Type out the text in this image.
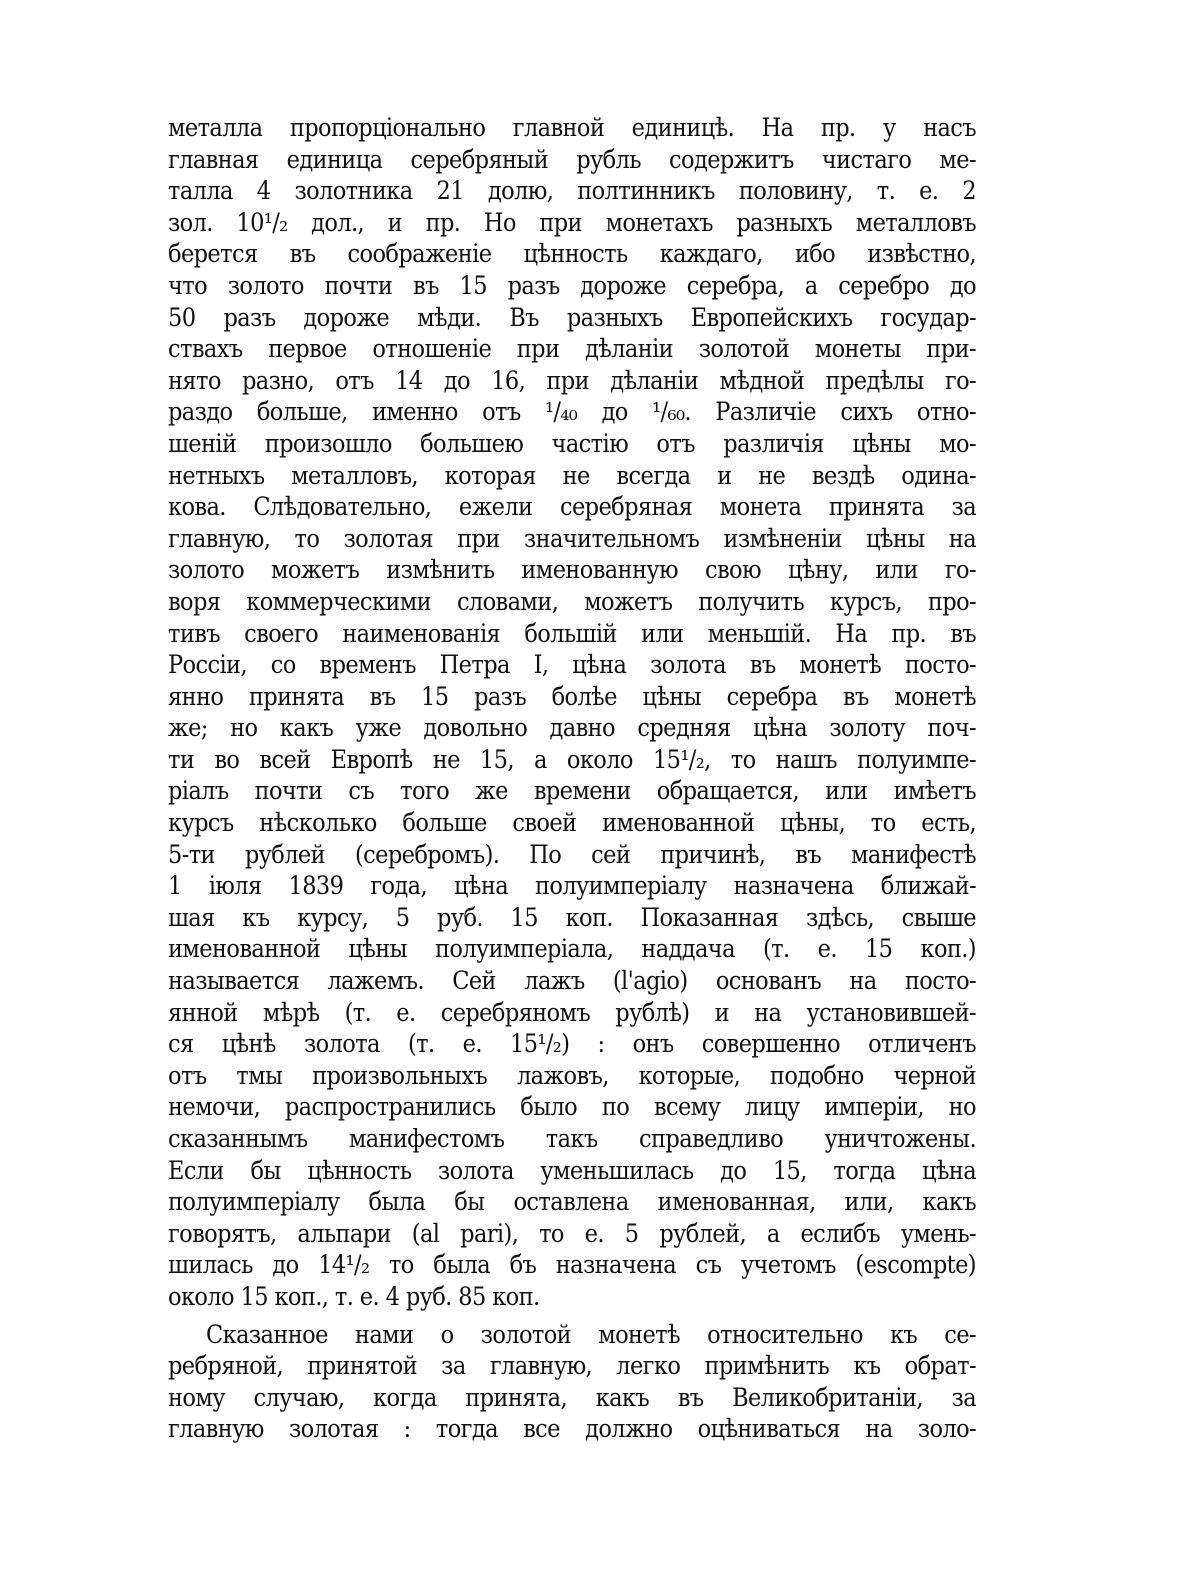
металла пропорціонально главной единицѣ. На пр. у насъ
главная единица серебряный рубль содержитъ чистаго ме-
талла 4 золотника 21 долю, полтинникъ половину, т. е. 2
зол. 10¹/₂ дол., и пр. Но при монетахъ разныхъ металловъ
берется въ соображеніе цѣнность каждаго, ибо извѣстно,
что золото почти въ 15 разъ дороже серебра, а серебро до
50 разъ дороже мѣди. Въ разныхъ Европейскихъ государ-
ствахъ первое отношеніе при дѣланіи золотой монеты при-
нято разно, отъ 14 до 16, при дѣланіи мѣдной предѣлы го-
раздо больше, именно отъ ¹/₄₀ до ¹/₆₀. Различіе сихъ отно-
шеній произошло большею частію отъ различія цѣны мо-
нетныхъ металловъ, которая не всегда и не вездѣ одина-
кова. Слѣдовательно, ежели серебряная монета принята за
главную, то золотая при значительномъ измѣненіи цѣны на
золото можетъ измѣнить именованную свою цѣну, или го-
воря коммерческими словами, можетъ получить курсъ, про-
тивъ своего наименованія большій или меньшій. На пр. въ
Россіи, со временъ Петра I, цѣна золота въ монетѣ посто-
янно принята въ 15 разъ болѣе цѣны серебра въ монетѣ
же; но какъ уже довольно давно средняя цѣна золоту поч-
ти во всей Европѣ не 15, а около 15¹/₂, то нашъ полуимпе-
ріалъ почти съ того же времени обращается, или имѣетъ
курсъ нѣсколько больше своей именованной цѣны, то есть,
5-ти рублей (серебромъ). По сей причинѣ, въ манифестѣ
1 іюля 1839 года, цѣна полуимперіалу назначена ближай-
шая къ курсу, 5 руб. 15 коп. Показанная здѣсь, свыше
именованной цѣны полуимперіала, наддача (т. е. 15 коп.)
называется лажемъ. Сей лажъ (l'agio) основанъ на посто-
янной мѣрѣ (т. е. серебряномъ рублѣ) и на установившей-
ся цѣнѣ золота (т. е. 15¹/₂) : онъ совершенно отличенъ
отъ тмы произвольныхъ лажовъ, которые, подобно черной
немочи, распространились было по всему лицу имперіи, но
сказаннымъ манифестомъ такъ справедливо уничтожены.
Если бы цѣнность золота уменьшилась до 15, тогда цѣна
полуимперіалу была бы оставлена именованная, или, какъ
говорятъ, альпари (al pari), то е. 5 рублей, а еслибъ умень-
шилась до 14¹/₂ то была бъ назначена съ учетомъ (escompte)
около 15 коп., т. е. 4 руб. 85 коп.
Сказанное нами о золотой монетѣ относительно къ се-
ребряной, принятой за главную, легко примѣнить къ обрат-
ному случаю, когда принята, какъ въ Великобританіи, за
главную золотая : тогда все должно оцѣниваться на золо-
